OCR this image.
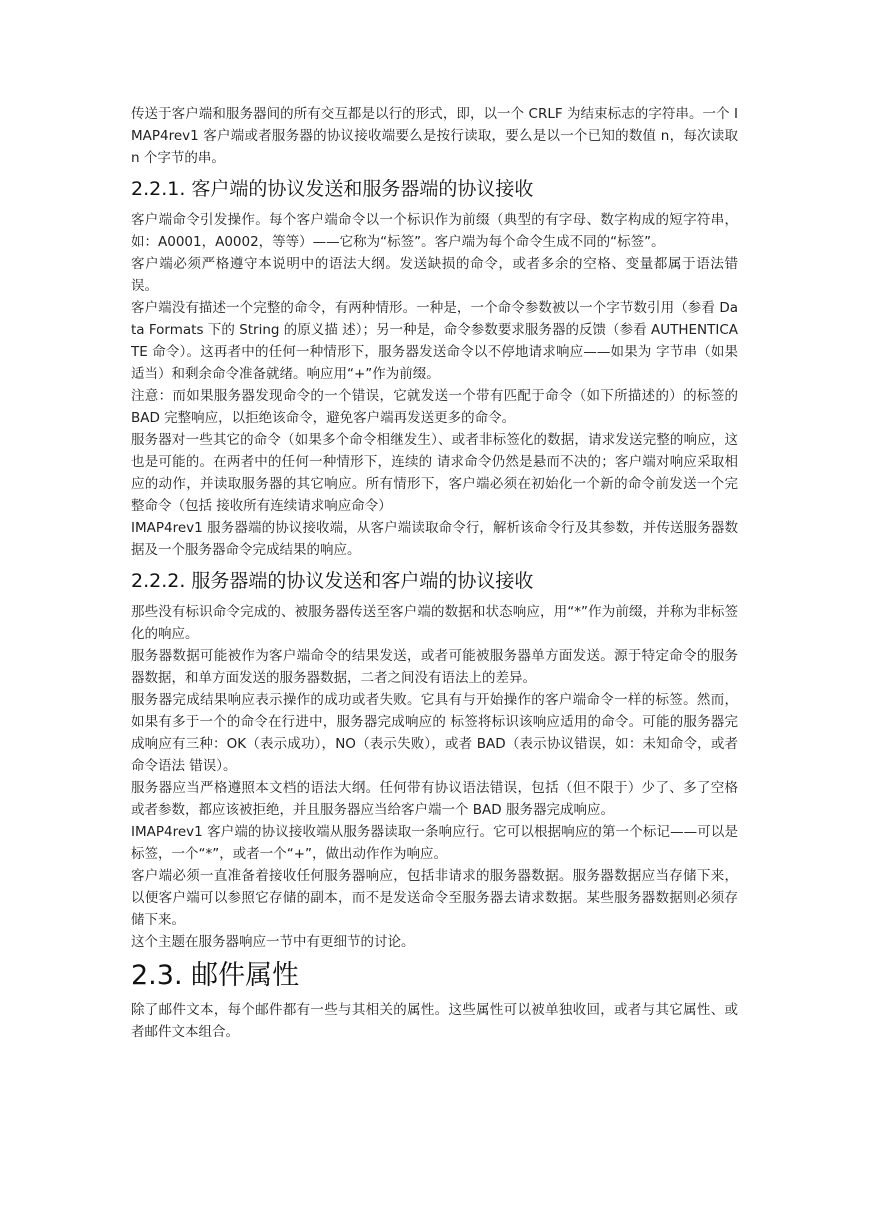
传送于客户端和服务器间的所有交互都是以行的形式，即，以一个 CRLF 为结束标志的字符串。一个 IMAP4rev1 客户端或者服务器的协议接收端要么是按行读取，要么是以一个已知的数值 n，每次读取 n 个字节的串。

2.2.1. 客户端的协议发送和服务器端的协议接收

客户端命令引发操作。每个客户端命令以一个标识作为前缀（典型的有字母、数字构成的短字符串，如：A0001，A0002，等等）——它称为“标签”。客户端为每个命令生成不同的“标签”。

客户端必须严格遵守本说明中的语法大纲。发送缺损的命令，或者多余的空格、变量都属于语法错误。

客户端没有描述一个完整的命令，有两种情形。一种是，一个命令参数被以一个字节数引用（参看 Data Formats 下的 String 的原义描 述）；另一种是，命令参数要求服务器的反馈（参看 AUTHENTICATE 命令）。这再者中的任何一种情形下，服务器发送命令以不停地请求响应——如果为 字节串（如果适当）和剩余命令准备就绪。响应用“+”作为前缀。

注意：而如果服务器发现命令的一个错误，它就发送一个带有匹配于命令（如下所描述的）的标签的 BAD 完整响应，以拒绝该命令，避免客户端再发送更多的命令。

服务器对一些其它的命令（如果多个命令相继发生）、或者非标签化的数据，请求发送完整的响应，这也是可能的。在两者中的任何一种情形下，连续的 请求命令仍然是悬而不决的；客户端对响应采取相应的动作，并读取服务器的其它响应。所有情形下，客户端必须在初始化一个新的命令前发送一个完整命令（包括 接收所有连续请求响应命令）

IMAP4rev1 服务器端的协议接收端，从客户端读取命令行，解析该命令行及其参数，并传送服务器数据及一个服务器命令完成结果的响应。

2.2.2. 服务器端的协议发送和客户端的协议接收

那些没有标识命令完成的、被服务器传送至客户端的数据和状态响应，用“*”作为前缀，并称为非标签化的响应。

服务器数据可能被作为客户端命令的结果发送，或者可能被服务器单方面发送。源于特定命令的服务器数据，和单方面发送的服务器数据，二者之间没有语法上的差异。

服务器完成结果响应表示操作的成功或者失败。它具有与开始操作的客户端命令一样的标签。然而，如果有多于一个的命令在行进中，服务器完成响应的 标签将标识该响应适用的命令。可能的服务器完成响应有三种：OK（表示成功），NO（表示失败），或者 BAD（表示协议错误，如：未知命令，或者命令语法 错误）。

服务器应当严格遵照本文档的语法大纲。任何带有协议语法错误，包括（但不限于）少了、多了空格或者参数，都应该被拒绝，并且服务器应当给客户端一个 BAD 服务器完成响应。

IMAP4rev1 客户端的协议接收端从服务器读取一条响应行。它可以根据响应的第一个标记——可以是标签，一个“*”，或者一个“+”，做出动作作为响应。

客户端必须一直准备着接收任何服务器响应，包括非请求的服务器数据。服务器数据应当存储下来，以便客户端可以参照它存储的副本，而不是发送命令至服务器去请求数据。某些服务器数据则必须存储下来。

这个主题在服务器响应一节中有更细节的讨论。

2.3. 邮件属性

除了邮件文本，每个邮件都有一些与其相关的属性。这些属性可以被单独收回，或者与其它属性、或者邮件文本组合。
